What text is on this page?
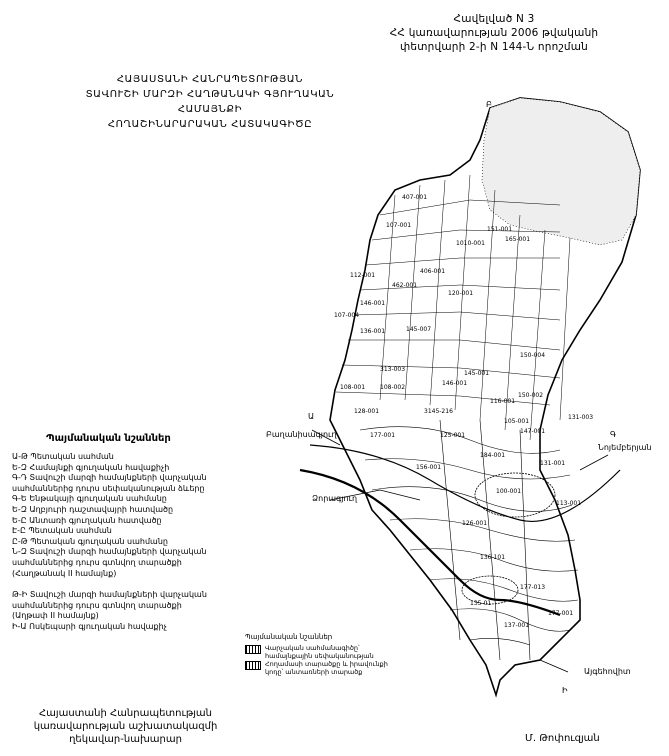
Հավելված N 3
ՀՀ կառավարության 2006 թվականի
փետրվարի 2-ի N 144-Ն որոշման
ՀԱՅԱՍՏԱՆԻ ՀԱՆՐԱՊԵՏՈՒԹՅԱՆ
ՏԱՎՈՒՇԻ ՄԱՐԶԻ ՀԱՂԹԱՆԱԿԻ ԳՅՈՒՂԱԿԱՆ ՀԱՄԱՅՆՔԻ
ՀՈՂԱՇԻՆԱՐԱՐԱԿԱՆ ՀԱՏԱԿԱԳԻԾԸ
Բաղանիսագյուղ
Նոյեմբերյան
Այգեհովիտ
Ձորագյուղ
Ա
Բ
Գ
Ի
407-001
107-001
151-001
165-001
1010-001
112-001
462-001
120-001
146-001
107-004
406-001
136-001	145-007
150-004
145-001
313-003
108-001 108-002
150-002
146-001
116-001
3145-216
128-001
105-001
131-003
147-001
125-001
177-001
184-001
131-001
156-001
100-001
113-001
126-001
136-101
177-013
177-001
137-001
135-01
Պայմանական նշաններ

Ա-Թ Պետական սահման

Ե-Զ Համայնքի գյուղական հավաքիչի

Գ-Դ Տավուշի մարզի համայնքների վարչական
սահմաններից դուրս սեփականության ձևերը

Գ-Ե Ենթակայի գյուղական սահմանը

Ե-Զ Աղբյուրի դաշտավայրի հատվածը

Ե-Ը Անտառի գյուղական հատվածը

Է-Ը Պետական սահման

Ը-Թ Պետական գյուղական սահմանը

Ն-Զ Տավուշի մարզի համայնքների վարչական
սահմաններից դուրս գտնվող տարածքի
(Հաղթանակ II համայնք)

Թ-Ի Տավուշի մարզի համայնքների վարչական
սահմաններից դուրս գտնվող տարածքի
(Աղթափ II համայնք)

Ի-Ա Ոսկեպարի գյուղական հավաքիչ

Պայմանական նշաններ
Վարչական սահմանագիծը՝ համայնքային սեփականության
Հողամասի տարածքը և իրավունքի կոդը՝ անտառների տարածք
Հայաստանի Հանրապետության
կառավարության աշխատակազմի
ղեկավար-նախարար	Մ. Թոփուզյան
